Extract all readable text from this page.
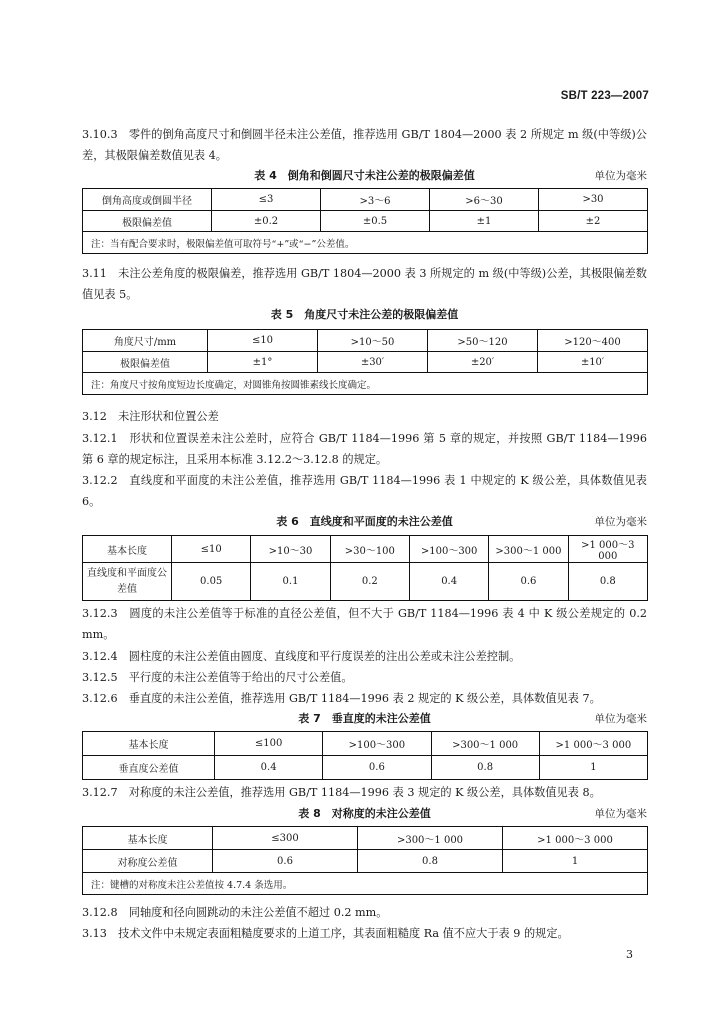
SB/T 223—2007
3.10.3　零件的倒角高度尺寸和倒圆半径未注公差值，推荐选用 GB/T 1804—2000 表 2 所规定 m 级(中等级)公差，其极限偏差数值见表 4。
表 4　倒角和倒圆尺寸未注公差的极限偏差值	单位为毫米
倒角高度或倒圆半径	≤3	>3～6	>6～30	>30
极限偏差值	±0.2	±0.5	±1	±2
注：当有配合要求时，极限偏差值可取符号“+”或“−”公差值。				
3.11　未注公差角度的极限偏差，推荐选用 GB/T 1804—2000 表 3 所规定的 m 级(中等级)公差，其极限偏差数值见表 5。
表 5　角度尺寸未注公差的极限偏差值
角度尺寸/mm	≤10	>10～50	>50～120	>120～400
极限偏差值	±1°	±30′	±20′	±10′
注：角度尺寸按角度短边长度确定，对圆锥角按圆锥素线长度确定。				
3.12　未注形状和位置公差
3.12.1　形状和位置误差未注公差时，应符合 GB/T 1184—1996 第 5 章的规定，并按照 GB/T 1184—1996 第 6 章的规定标注，且采用本标准 3.12.2～3.12.8 的规定。
3.12.2　直线度和平面度的未注公差值，推荐选用 GB/T 1184—1996 表 1 中规定的 K 级公差，具体数值见表 6。
表 6　直线度和平面度的未注公差值	单位为毫米
基本长度	≤10	>10～30	>30～100	>100～300	>300～1 000	>1 000～3 000
直线度和平面度公差值	0.05	0.1	0.2	0.4	0.6	0.8
3.12.3　圆度的未注公差值等于标准的直径公差值，但不大于 GB/T 1184—1996 表 4 中 K 级公差规定的 0.2 mm。
3.12.4　圆柱度的未注公差值由圆度、直线度和平行度误差的注出公差或未注公差控制。
3.12.5　平行度的未注公差值等于给出的尺寸公差值。
3.12.6　垂直度的未注公差值，推荐选用 GB/T 1184—1996 表 2 规定的 K 级公差，具体数值见表 7。
表 7　垂直度的未注公差值	单位为毫米
基本长度	≤100	>100～300	>300～1 000	>1 000～3 000
垂直度公差值	0.4	0.6	0.8	1
3.12.7　对称度的未注公差值，推荐选用 GB/T 1184—1996 表 3 规定的 K 级公差，具体数值见表 8。
表 8　对称度的未注公差值	单位为毫米
基本长度	≤300	>300～1 000	>1 000～3 000
对称度公差值	0.6	0.8	1
注：键槽的对称度未注公差值按 4.7.4 条选用。			
3.12.8　同轴度和径向圆跳动的未注公差值不超过 0.2 mm。
3.13　技术文件中未规定表面粗糙度要求的上道工序，其表面粗糙度 Ra 值不应大于表 9 的规定。
3
